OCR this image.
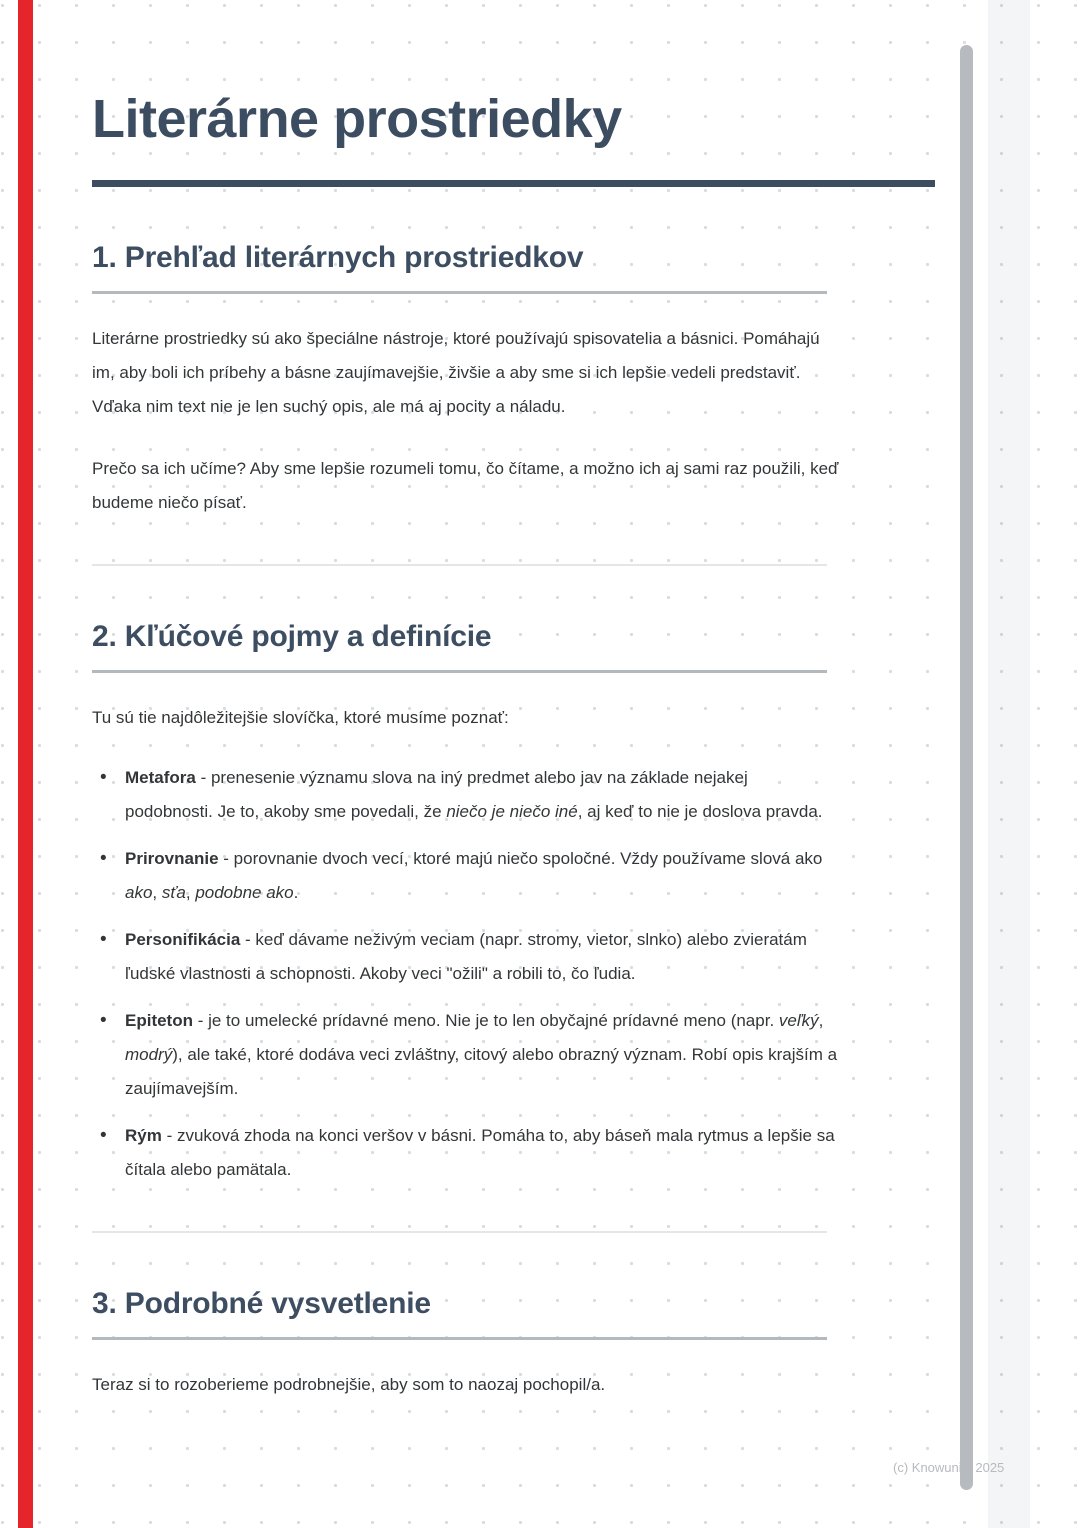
Literárne prostriedky
1. Prehľad literárnych prostriedkov

Literárne prostriedky sú ako špeciálne nástroje, ktoré používajú spisovatelia a básnici. Pomáhajú im, aby boli ich príbehy a básne zaujímavejšie, živšie a aby sme si ich lepšie vedeli predstaviť. Vďaka nim text nie je len suchý opis, ale má aj pocity a náladu.

Prečo sa ich učíme? Aby sme lepšie rozumeli tomu, čo čítame, a možno ich aj sami raz použili, keď budeme niečo písať.

2. Kľúčové pojmy a definície

Tu sú tie najdôležitejšie slovíčka, ktoré musíme poznať:

• Metafora - prenesenie významu slova na iný predmet alebo jav na základe nejakej podobnosti. Je to, akoby sme povedali, že niečo je niečo iné, aj keď to nie je doslova pravda.
• Prirovnanie - porovnanie dvoch vecí, ktoré majú niečo spoločné. Vždy používame slová ako ako, sťa, podobne ako.
• Personifikácia - keď dávame neživým veciam (napr. stromy, vietor, slnko) alebo zvieratám ľudské vlastnosti a schopnosti. Akoby veci "ožili" a robili to, čo ľudia.
• Epiteton - je to umelecké prídavné meno. Nie je to len obyčajné prídavné meno (napr. veľký, modrý), ale také, ktoré dodáva veci zvláštny, citový alebo obrazný význam. Robí opis krajším a zaujímavejším.
• Rým - zvuková zhoda na konci veršov v básni. Pomáha to, aby báseň mala rytmus a lepšie sa čítala alebo pamätala.
3. Podrobné vysvetlenie

Teraz si to rozoberieme podrobnejšie, aby som to naozaj pochopil/a.

(c) Knowunity 2025
